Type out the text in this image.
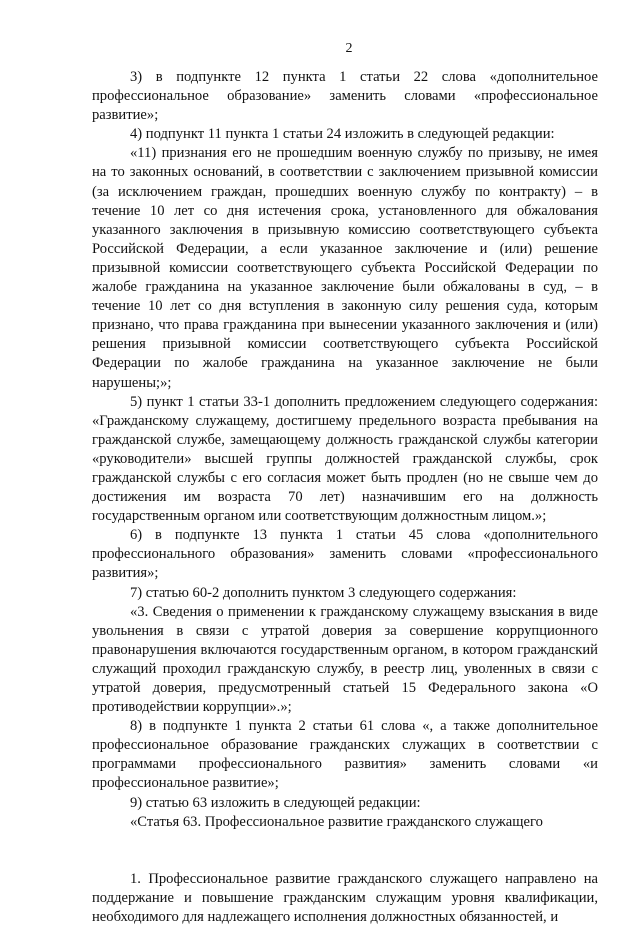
2

3) в подпункте 12 пункта 1 статьи 22 слова «дополнительное профессиональное образование» заменить словами «профессиональное развитие»;

4) подпункт 11 пункта 1 статьи 24 изложить в следующей редакции:

«11) признания его не прошедшим военную службу по призыву, не имея на то законных оснований, в соответствии с заключением призывной комиссии (за исключением граждан, прошедших военную службу по контракту) – в течение 10 лет со дня истечения срока, установленного для обжалования указанного заключения в призывную комиссию соответствующего субъекта Российской Федерации, а если указанное заключение и (или) решение призывной комиссии соответствующего субъекта Российской Федерации по жалобе гражданина на указанное заключение были обжалованы в суд, – в течение 10 лет со дня вступления в законную силу решения суда, которым признано, что права гражданина при вынесении указанного заключения и (или) решения призывной комиссии соответствующего субъекта Российской Федерации по жалобе гражданина на указанное заключение не были нарушены;»;

5) пункт 1 статьи 33-1 дополнить предложением следующего содержания: «Гражданскому служащему, достигшему предельного возраста пребывания на гражданской службе, замещающему должность гражданской службы категории «руководители» высшей группы должностей гражданской службы, срок гражданской службы с его согласия может быть продлен (но не свыше чем до достижения им возраста 70 лет) назначившим его на должность государственным органом или соответствующим должностным лицом.»;

6) в подпункте 13 пункта 1 статьи 45 слова «дополнительного профессионального образования» заменить словами «профессионального развития»;

7) статью 60-2 дополнить пунктом 3 следующего содержания:

«3. Сведения о применении к гражданскому служащему взыскания в виде увольнения в связи с утратой доверия за совершение коррупционного правонарушения включаются государственным органом, в котором гражданский служащий проходил гражданскую службу, в реестр лиц, уволенных в связи с утратой доверия, предусмотренный статьей 15 Федерального закона «О противодействии коррупции».»;

8) в подпункте 1 пункта 2 статьи 61 слова «, а также дополнительное профессиональное образование гражданских служащих в соответствии с программами профессионального развития» заменить словами «и профессиональное развитие»;

9) статью 63 изложить в следующей редакции:

«Статья 63. Профессиональное развитие гражданского служащего

1. Профессиональное развитие гражданского служащего направлено на поддержание и повышение гражданским служащим уровня квалификации, необходимого для надлежащего исполнения должностных обязанностей, и
